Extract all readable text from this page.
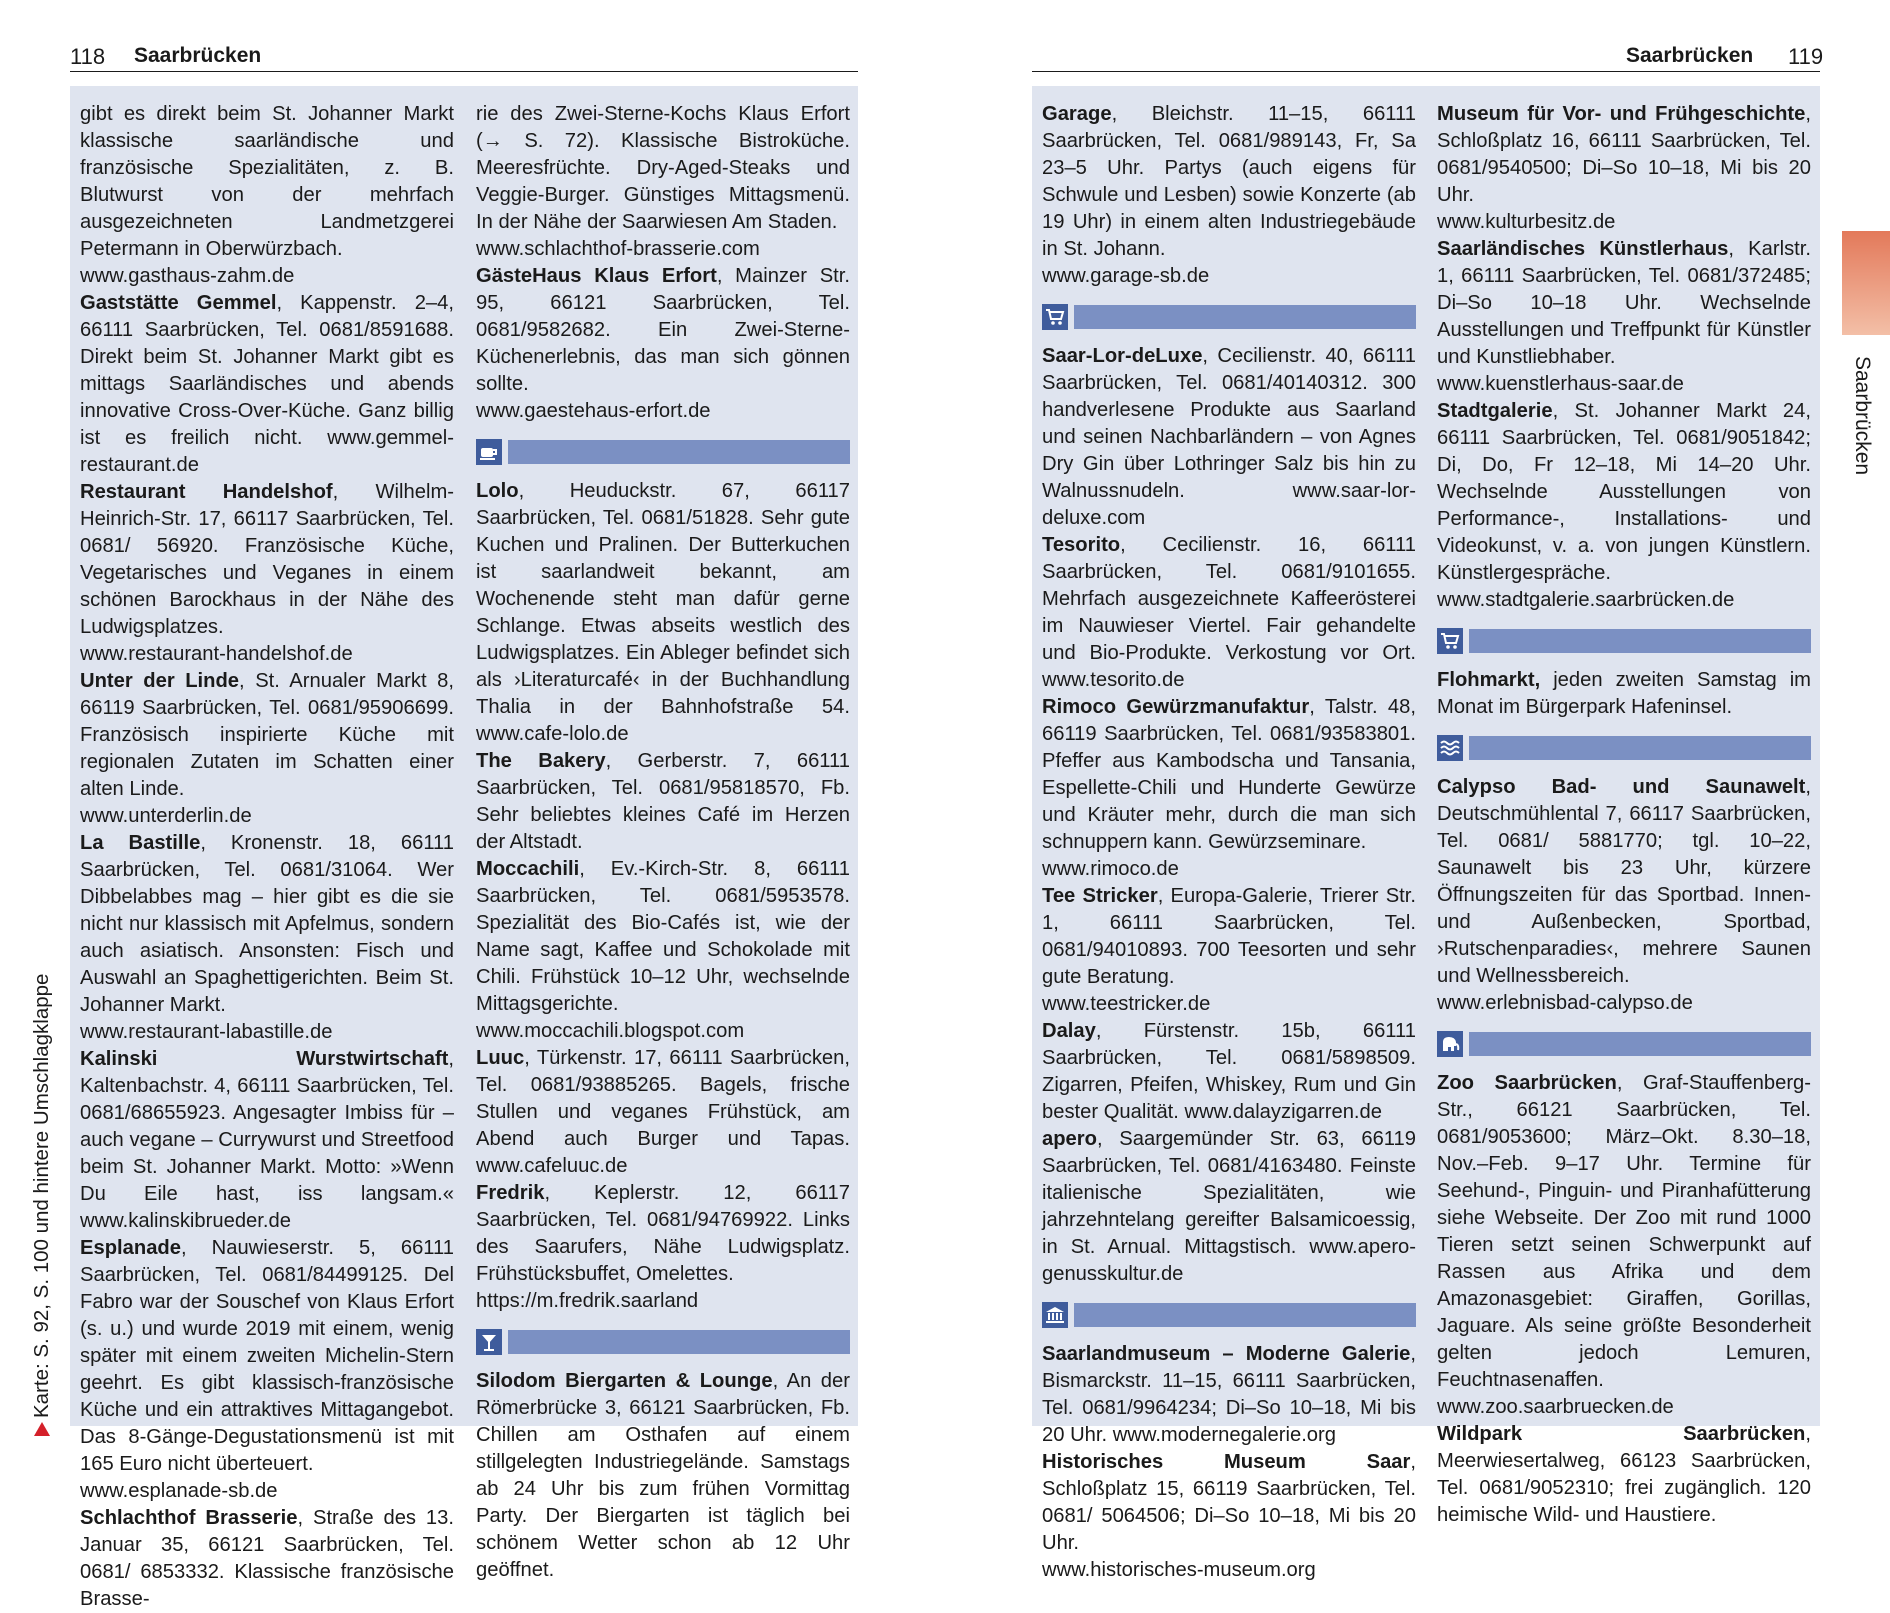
118 Saarbrücken	Saarbrücken 119

gibt es direkt beim St. Johanner Markt klassische saarländische und französische Spezialitäten, z. B. Blutwurst von der mehrfach ausgezeichneten Landmetzgerei Petermann in Oberwürzbach.

www.gasthaus-zahm.de

Gaststätte Gemmel, Kappenstr. 2–4, 66111 Saarbrücken, Tel. 0681/8591688. Direkt beim St. Johanner Markt gibt es mittags Saarländisches und abends innovative Cross-Over-Küche. Ganz billig ist es freilich nicht. www.gemmel-restaurant.de

Restaurant Handelshof, Wilhelm-Heinrich-Str. 17, 66117 Saarbrücken, Tel. 0681/ 56920. Französische Küche, Vegetarisches und Veganes in einem schönen Barockhaus in der Nähe des Ludwigsplatzes.

www.restaurant-handelshof.de

Unter der Linde, St. Arnualer Markt 8, 66119 Saarbrücken, Tel. 0681/95906699. Französisch inspirierte Küche mit regionalen Zutaten im Schatten einer alten Linde.

www.unterderlin.de

La Bastille, Kronenstr. 18, 66111 Saarbrücken, Tel. 0681/31064. Wer Dibbelabbes mag – hier gibt es die sie nicht nur klassisch mit Apfelmus, sondern auch asiatisch. Ansonsten: Fisch und Auswahl an Spaghettigerichten. Beim St. Johanner Markt.

www.restaurant-labastille.de

Kalinski Wurstwirtschaft, Kaltenbachstr. 4, 66111 Saarbrücken, Tel. 0681/68655923. Angesagter Imbiss für – auch vegane – Currywurst und Streetfood beim St. Johanner Markt. Motto: »Wenn Du Eile hast, iss langsam.« www.kalinskibrueder.de

Esplanade, Nauwieserstr. 5, 66111 Saarbrücken, Tel. 0681/84499125. Del Fabro war der Souschef von Klaus Erfort (s. u.) und wurde 2019 mit einem, wenig später mit einem zweiten Michelin-Stern geehrt. Es gibt klassisch-französische Küche und ein attraktives Mittagangebot. Das 8-Gänge-Degustationsmenü ist mit 165 Euro nicht überteuert.

www.esplanade-sb.de

Schlachthof Brasserie, Straße des 13. Januar 35, 66121 Saarbrücken, Tel. 0681/ 6853332. Klassische französische Brasse-

rie des Zwei-Sterne-Kochs Klaus Erfort (→ S. 72). Klassische Bistroküche. Meeresfrüchte. Dry-Aged-Steaks und Veggie-Burger. Günstiges Mittagsmenü. In der Nähe der Saarwiesen Am Staden.

www.schlachthof-brasserie.com

GästeHaus Klaus Erfort, Mainzer Str. 95, 66121 Saarbrücken, Tel. 0681/9582682. Ein Zwei-Sterne-Küchenerlebnis, das man sich gönnen sollte.

www.gaestehaus-erfort.de

Lolo, Heuduckstr. 67, 66117 Saarbrücken, Tel. 0681/51828. Sehr gute Kuchen und Pralinen. Der Butterkuchen ist saarlandweit bekannt, am Wochenende steht man dafür gerne Schlange. Etwas abseits westlich des Ludwigsplatzes. Ein Ableger befindet sich als ›Literaturcafé‹ in der Buchhandlung Thalia in der Bahnhofstraße 54. www.cafe-lolo.de

The Bakery, Gerberstr. 7, 66111 Saarbrücken, Tel. 0681/95818570, Fb. Sehr beliebtes kleines Café im Herzen der Altstadt.

Moccachili, Ev.-Kirch-Str. 8, 66111 Saarbrücken, Tel. 0681/5953578. Spezialität des Bio-Cafés ist, wie der Name sagt, Kaffee und Schokolade mit Chili. Frühstück 10–12 Uhr, wechselnde Mittagsgerichte.

www.moccachili.blogspot.com

Luuc, Türkenstr. 17, 66111 Saarbrücken, Tel. 0681/93885265. Bagels, frische Stullen und veganes Frühstück, am Abend auch Burger und Tapas. www.cafeluuc.de

Fredrik, Keplerstr. 12, 66117 Saarbrücken, Tel. 0681/94769922. Links des Saarufers, Nähe Ludwigsplatz. Frühstücksbuffet, Omelettes.

https://m.fredrik.saarland

Silodom Biergarten & Lounge, An der Römerbrücke 3, 66121 Saarbrücken, Fb. Chillen am Osthafen auf einem stillgelegten Industriegelände. Samstags ab 24 Uhr bis zum frühen Vormittag Party. Der Biergarten ist täglich bei schönem Wetter schon ab 12 Uhr geöffnet.

Garage, Bleichstr. 11–15, 66111 Saarbrücken, Tel. 0681/989143, Fr, Sa 23–5 Uhr. Partys (auch eigens für Schwule und Lesben) sowie Konzerte (ab 19 Uhr) in einem alten Industriegebäude in St. Johann.

www.garage-sb.de

Saar-Lor-deLuxe, Cecilienstr. 40, 66111 Saarbrücken, Tel. 0681/40140312. 300 handverlesene Produkte aus Saarland und seinen Nachbarländern – von Agnes Dry Gin über Lothringer Salz bis hin zu Walnussnudeln. www.saar-lor-deluxe.com

Tesorito, Cecilienstr. 16, 66111 Saarbrücken, Tel. 0681/9101655. Mehrfach ausgezeichnete Kaffeerösterei im Nauwieser Viertel. Fair gehandelte und Bio-Produkte. Verkostung vor Ort. www.tesorito.de

Rimoco Gewürzmanufaktur, Talstr. 48, 66119 Saarbrücken, Tel. 0681/93583801. Pfeffer aus Kambodscha und Tansania, Espellette-Chili und Hunderte Gewürze und Kräuter mehr, durch die man sich schnuppern kann. Gewürzseminare.

www.rimoco.de

Tee Stricker, Europa-Galerie, Trierer Str. 1, 66111 Saarbrücken, Tel. 0681/94010893. 700 Teesorten und sehr gute Beratung.

www.teestricker.de

Dalay, Fürstenstr. 15b, 66111 Saarbrücken, Tel. 0681/5898509. Zigarren, Pfeifen, Whiskey, Rum und Gin bester Qualität. www.dalayzigarren.de

apero, Saargemünder Str. 63, 66119 Saarbrücken, Tel. 0681/4163480. Feinste italienische Spezialitäten, wie jahrzehntelang gereifter Balsamicoessig, in St. Arnual. Mittagstisch. www.apero-genusskultur.de

Saarlandmuseum – Moderne Galerie, Bismarckstr. 11–15, 66111 Saarbrücken, Tel. 0681/9964234; Di–So 10–18, Mi bis 20 Uhr. www.modernegalerie.org

Historisches Museum Saar, Schloßplatz 15, 66119 Saarbrücken, Tel. 0681/ 5064506; Di–So 10–18, Mi bis 20 Uhr.

www.historisches-museum.org

Museum für Vor- und Frühgeschichte, Schloßplatz 16, 66111 Saarbrücken, Tel. 0681/9540500; Di–So 10–18, Mi bis 20 Uhr.

www.kulturbesitz.de

Saarländisches Künstlerhaus, Karlstr. 1, 66111 Saarbrücken, Tel. 0681/372485; Di–So 10–18 Uhr. Wechselnde Ausstellungen und Treffpunkt für Künstler und Kunstliebhaber.

www.kuenstlerhaus-saar.de

Stadtgalerie, St. Johanner Markt 24, 66111 Saarbrücken, Tel. 0681/9051842; Di, Do, Fr 12–18, Mi 14–20 Uhr. Wechselnde Ausstellungen von Performance-, Installations- und Videokunst, v. a. von jungen Künstlern. Künstlergespräche.

www.stadtgalerie.saarbrücken.de

Flohmarkt, jeden zweiten Samstag im Monat im Bürgerpark Hafeninsel.

Calypso Bad- und Saunawelt, Deutschmühlental 7, 66117 Saarbrücken, Tel. 0681/ 5881770; tgl. 10–22, Saunawelt bis 23 Uhr, kürzere Öffnungszeiten für das Sportbad. Innen- und Außenbecken, Sportbad, ›Rutschenparadies‹, mehrere Saunen und Wellnessbereich.

www.erlebnisbad-calypso.de

Zoo Saarbrücken, Graf-Stauffenberg-Str., 66121 Saarbrücken, Tel. 0681/9053600; März–Okt. 8.30–18, Nov.–Feb. 9–17 Uhr. Termine für Seehund-, Pinguin- und Piranhafütterung siehe Webseite. Der Zoo mit rund 1000 Tieren setzt seinen Schwerpunkt auf Rassen aus Afrika und dem Amazonasgebiet: Giraffen, Gorillas, Jaguare. Als seine größte Besonderheit gelten jedoch Lemuren, Feuchtnasenaffen.

www.zoo.saarbruecken.de

Wildpark Saarbrücken, Meerwiesertalweg, 66123 Saarbrücken, Tel. 0681/9052310; frei zugänglich. 120 heimische Wild- und Haustiere.

Saarbrücken
Karte: S. 92, S. 100 und hintere Umschlagklappe
